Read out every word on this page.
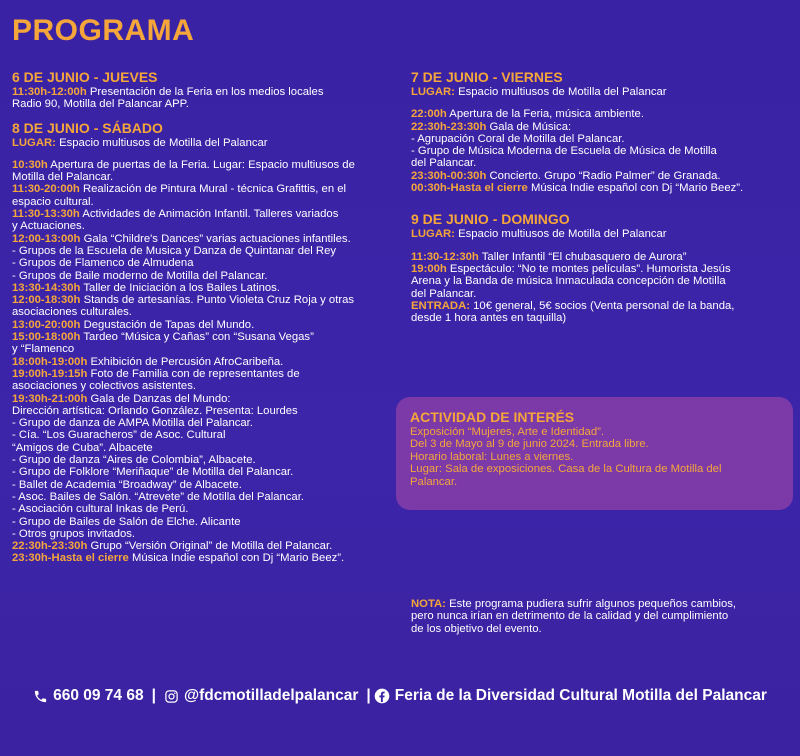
PROGRAMA
6 DE JUNIO - JUEVES
11:30h-12:00h Presentación de la Feria en los medios locales
Radio 90, Motilla del Palancar APP.
8 DE JUNIO - SÁBADO
LUGAR: Espacio multiusos de Motilla del Palancar
10:30h Apertura de puertas de la Feria. Lugar: Espacio multiusos de
Motilla del Palancar.
11:30-20:00h Realización de Pintura Mural - técnica Grafittis, en el
espacio cultural.
11:30-13:30h Actividades de Animación Infantil. Talleres variados
y Actuaciones.
12:00-13:00h Gala “Childre's Dances” varias actuaciones infantiles.
- Grupos de la Escuela de Musica y Danza de Quintanar del Rey
- Grupos de Flamenco de Almudena
- Grupos de Baile moderno de Motilla del Palancar.
13:30-14:30h Taller de Iniciación a los Bailes Latinos.
12:00-18:30h Stands de artesanías. Punto Violeta Cruz Roja y otras
asociaciones culturales.
13:00-20:00h Degustación de Tapas del Mundo.
15:00-18:00h Tardeo “Música y Cañas” con “Susana Vegas”
y “Flamenco
18:00h-19:00h Exhibición de Percusión AfroCaribeña.
19:00h-19:15h Foto de Familia con de representantes de
asociaciones y colectivos asistentes.
19:30h-21:00h Gala de Danzas del Mundo:
Dirección artística: Orlando González. Presenta: Lourdes
- Grupo de danza de AMPA Motilla del Palancar.
- Cía. “Los Guaracheros” de Asoc. Cultural
“Amigos de Cuba”. Albacete
- Grupo de danza “Aires de Colombia”, Albacete.
- Grupo de Folklore “Meriñaque” de Motilla del Palancar.
- Ballet de Academia “Broadway” de Albacete.
- Asoc. Bailes de Salón. “Atrevete” de Motilla del Palancar.
- Asociación cultural Inkas de Perú.
- Grupo de Bailes de Salón de Elche. Alicante
- Otros grupos invitados.
22:30h-23:30h Grupo “Versión Original” de Motilla del Palancar.
23:30h-Hasta el cierre Música Indie español con Dj “Mario Beez”.
7 DE JUNIO - VIERNES
LUGAR: Espacio multiusos de Motilla del Palancar
22:00h Apertura de la Feria, música ambiente.
22:30h-23:30h Gala de Música:
- Agrupación Coral de Motilla del Palancar.
- Grupo de Música Moderna de Escuela de Música de Motilla
del Palancar.
23:30h-00:30h Concierto. Grupo “Radio Palmer” de Granada.
00:30h-Hasta el cierre Música Indie español con Dj “Mario Beez”.
9 DE JUNIO - DOMINGO
LUGAR: Espacio multiusos de Motilla del Palancar
11:30-12:30h Taller Infantil “El chubasquero de Aurora”
19:00h Espectáculo: “No te montes películas”. Humorista Jesús
Arena y la Banda de música Inmaculada concepción de Motilla
del Palancar.
ENTRADA: 10€ general, 5€ socios (Venta personal de la banda,
desde 1 hora antes en taquilla)
ACTIVIDAD DE INTERÉS
Exposición “Mujeres, Arte e Identidad”.
Del 3 de Mayo al 9 de junio 2024. Entrada libre.
Horario laboral: Lunes a viernes.
Lugar: Sala de exposiciones. Casa de la Cultura de Motilla del
Palancar.
NOTA: Este programa pudiera sufrir algunos pequeños cambios,
pero nunca irían en detrimento de la calidad y del cumplimiento
de los objetivo del evento.
660 09 74 68 | @fdcmotilladelpalancar | Feria de la Diversidad Cultural Motilla del Palancar
